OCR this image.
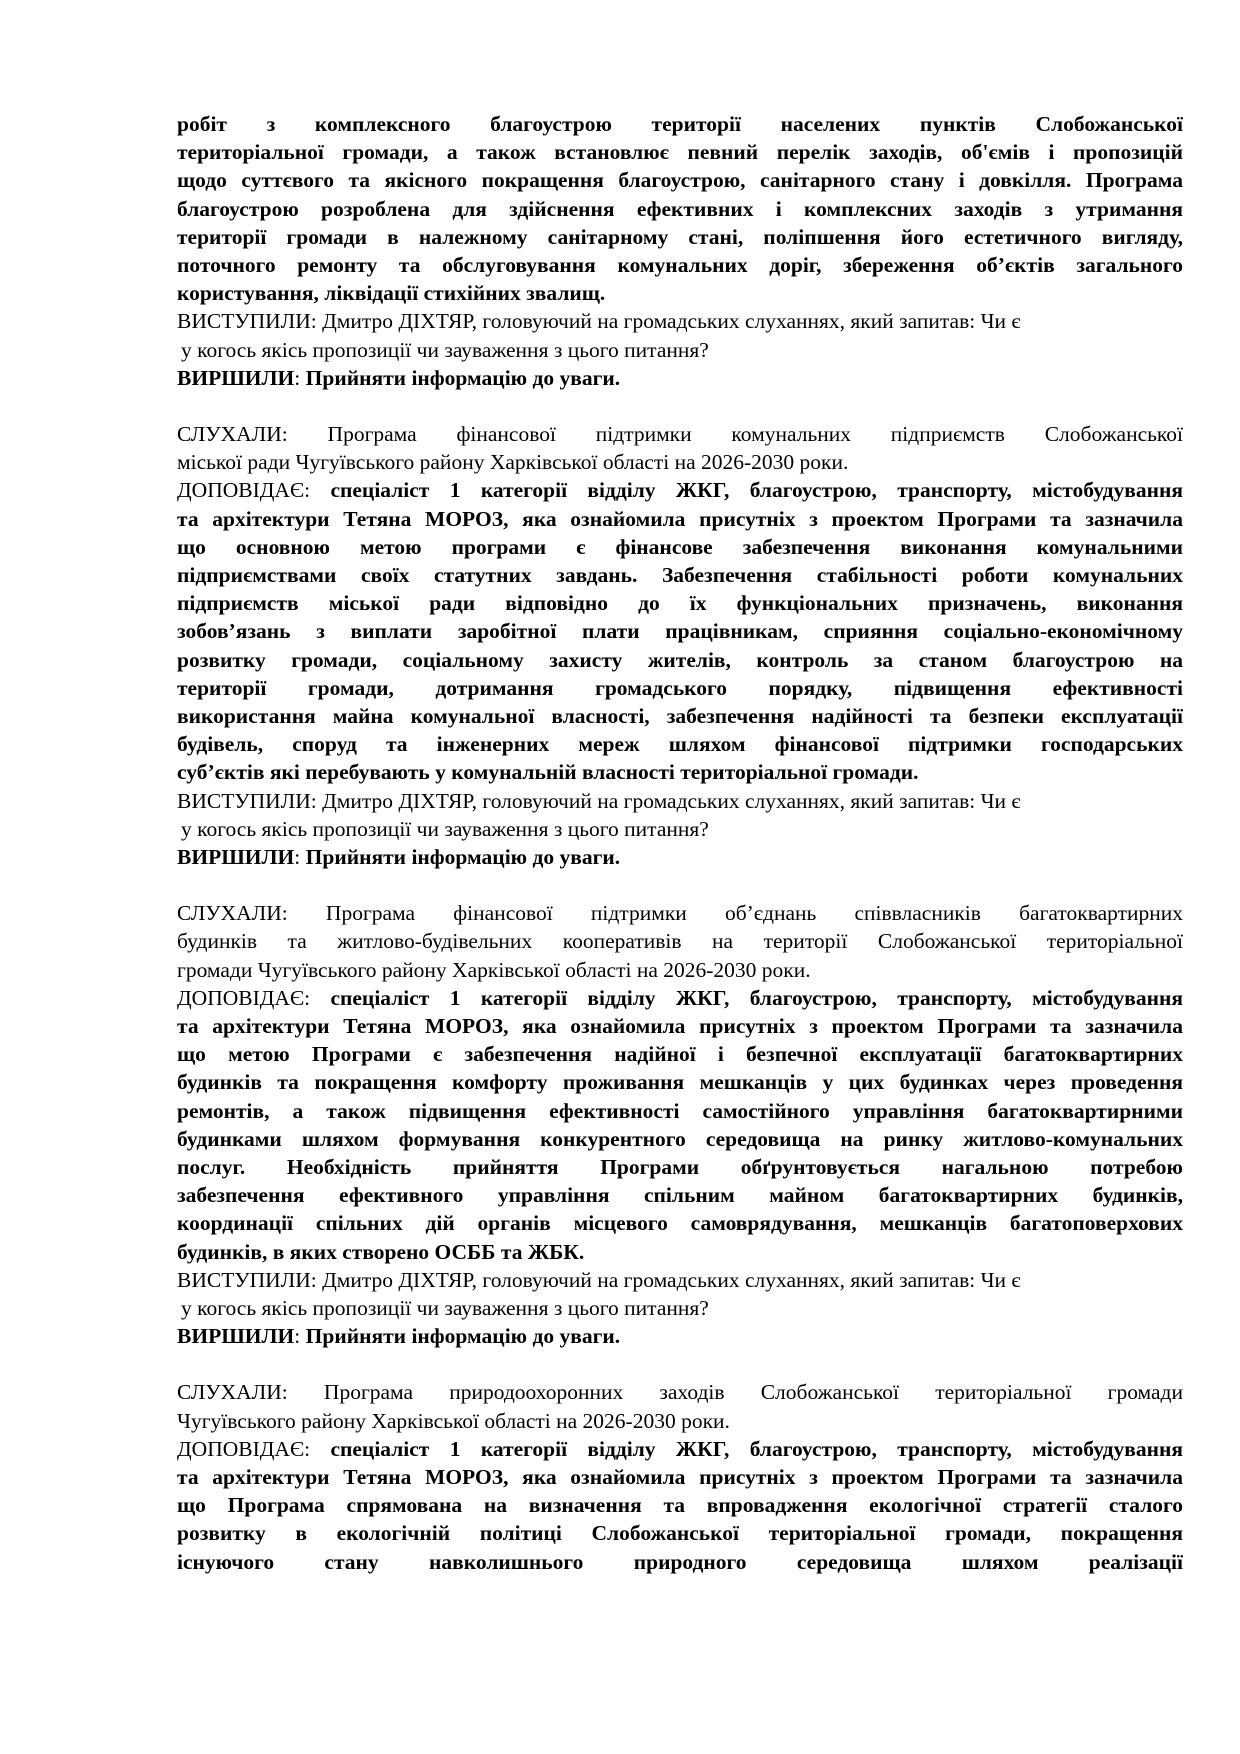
робіт з комплексного благоустрою території населених пунктів Слобожанської
територіальної громади, а також встановлює певний перелік заходів, об'ємів і пропозицій
щодо суттєвого та якісного покращення благоустрою, санітарного стану і довкілля. Програма
благоустрою розроблена для здійснення ефективних і комплексних заходів з утримання
території громади в належному санітарному стані, поліпшення його естетичного вигляду,
поточного ремонту та обслуговування комунальних доріг, збереження об’єктів загального
користування, ліквідації стихійних звалищ.
ВИСТУПИЛИ: Дмитро ДІХТЯР, головуючий на громадських слуханнях, який запитав: Чи є
у когось якісь пропозиції чи зауваження з цього питання?
ВИРШИЛИ: Прийняти інформацію до уваги.
СЛУХАЛИ: Програма фінансової підтримки комунальних підприємств Слобожанської
міської ради Чугуївського району Харківської області на 2026-2030 роки.
ДОПОВІДАЄ: спеціаліст 1 категорії відділу ЖКГ, благоустрою, транспорту, містобудування
та архітектури Тетяна МОРОЗ, яка ознайомила присутніх з проектом Програми та зазначила
що основною метою програми є фінансове забезпечення виконання комунальними
підприємствами своїх статутних завдань. Забезпечення стабільності роботи комунальних
підприємств міської ради відповідно до їх функціональних призначень, виконання
зобов’язань з виплати заробітної плати працівникам, сприяння соціально-економічному
розвитку громади, соціальному захисту жителів, контроль за станом благоустрою на
території громади, дотримання громадського порядку, підвищення ефективності
використання майна комунальної власності, забезпечення надійності та безпеки експлуатації
будівель, споруд та інженерних мереж шляхом фінансової підтримки господарських
суб’єктів які перебувають у комунальній власності територіальної громади.
ВИСТУПИЛИ: Дмитро ДІХТЯР, головуючий на громадських слуханнях, який запитав: Чи є
у когось якісь пропозиції чи зауваження з цього питання?
ВИРШИЛИ: Прийняти інформацію до уваги.
СЛУХАЛИ: Програма фінансової підтримки об’єднань співвласників багатоквартирних
будинків та житлово-будівельних кооперативів на території Слобожанської територіальної
громади Чугуївського району Харківської області на 2026-2030 роки.
ДОПОВІДАЄ: спеціаліст 1 категорії відділу ЖКГ, благоустрою, транспорту, містобудування
та архітектури Тетяна МОРОЗ, яка ознайомила присутніх з проектом Програми та зазначила
що метою Програми є забезпечення надійної і безпечної експлуатації багатоквартирних
будинків та покращення комфорту проживання мешканців у цих будинках через проведення
ремонтів, а також підвищення ефективності самостійного управління багатоквартирними
будинками шляхом формування конкурентного середовища на ринку житлово-комунальних
послуг. Необхідність прийняття Програми обґрунтовується нагальною потребою
забезпечення ефективного управління спільним майном багатоквартирних будинків,
координації спільних дій органів місцевого самоврядування, мешканців багатоповерхових
будинків, в яких створено ОСББ та ЖБК.
ВИСТУПИЛИ: Дмитро ДІХТЯР, головуючий на громадських слуханнях, який запитав: Чи є
у когось якісь пропозиції чи зауваження з цього питання?
ВИРШИЛИ: Прийняти інформацію до уваги.
СЛУХАЛИ: Програма природоохоронних заходів Слобожанської територіальної громади
Чугуївського району Харківської області на 2026-2030 роки.
ДОПОВІДАЄ: спеціаліст 1 категорії відділу ЖКГ, благоустрою, транспорту, містобудування
та архітектури Тетяна МОРОЗ, яка ознайомила присутніх з проектом Програми та зазначила
що Програма спрямована на визначення та впровадження екологічної стратегії сталого
розвитку в екологічній політиці Слобожанської територіальної громади, покращення
існуючого стану навколишнього природного середовища шляхом реалізації
